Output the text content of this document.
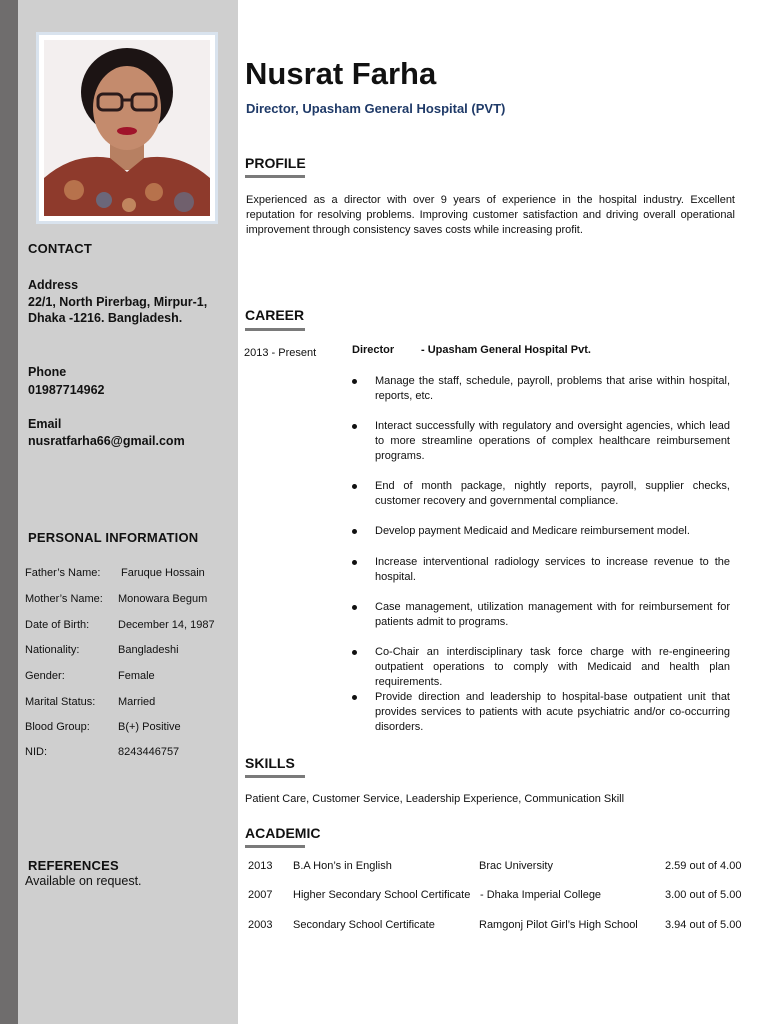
CONTACT
Address
22/1, North Pirerbag, Mirpur-1,
Dhaka -1216. Bangladesh.
Phone
01987714962
Email
nusratfarha66@gmail.com
PERSONAL INFORMATION
Father’s Name: Faruque Hossain
Mother’s Name: Monowara Begum
Date of Birth:	December 14, 1987
Nationality:	Bangladeshi
Gender:	Female
Marital Status: Married
Blood Group:	B(+) Positive
NID:	8243446757
REFERENCES
Available on request.
Nusrat Farha
Director, Upasham General Hospital (PVT)
PROFILE
Experienced as a director with over 9 years of experience in the hospital industry. Excellent reputation for resolving problems. Improving customer satisfaction and driving overall operational improvement through consistency saves costs while increasing profit.
CAREER
2013 - Present	Director - Upasham General Hospital Pvt.
Manage the staff, schedule, payroll, problems that arise within hospital, reports, etc.
Interact successfully with regulatory and oversight agencies, which lead to more streamline operations of complex healthcare reimbursement programs.
End of month package, nightly reports, payroll, supplier checks, customer recovery and governmental compliance.
Develop payment Medicaid and Medicare reimbursement model.
Increase interventional radiology services to increase revenue to the hospital.
Case management, utilization management with for reimbursement for patients admit to programs.
Co-Chair an interdisciplinary task force charge with re-engineering outpatient operations to comply with Medicaid and health plan requirements.
Provide direction and leadership to hospital-base outpatient unit that provides services to patients with acute psychiatric and/or co-occurring disorders.
SKILLS
Patient Care, Customer Service, Leadership Experience, Communication Skill
ACADEMIC
2013 B.A Hon’s in English	Brac University	2.59 out of 4.00
2007 Higher Secondary School Certificate - Dhaka Imperial College	3.00 out of 5.00
2003 Secondary School Certificate	Ramgonj Pilot Girl’s High School 3.94 out of 5.00
